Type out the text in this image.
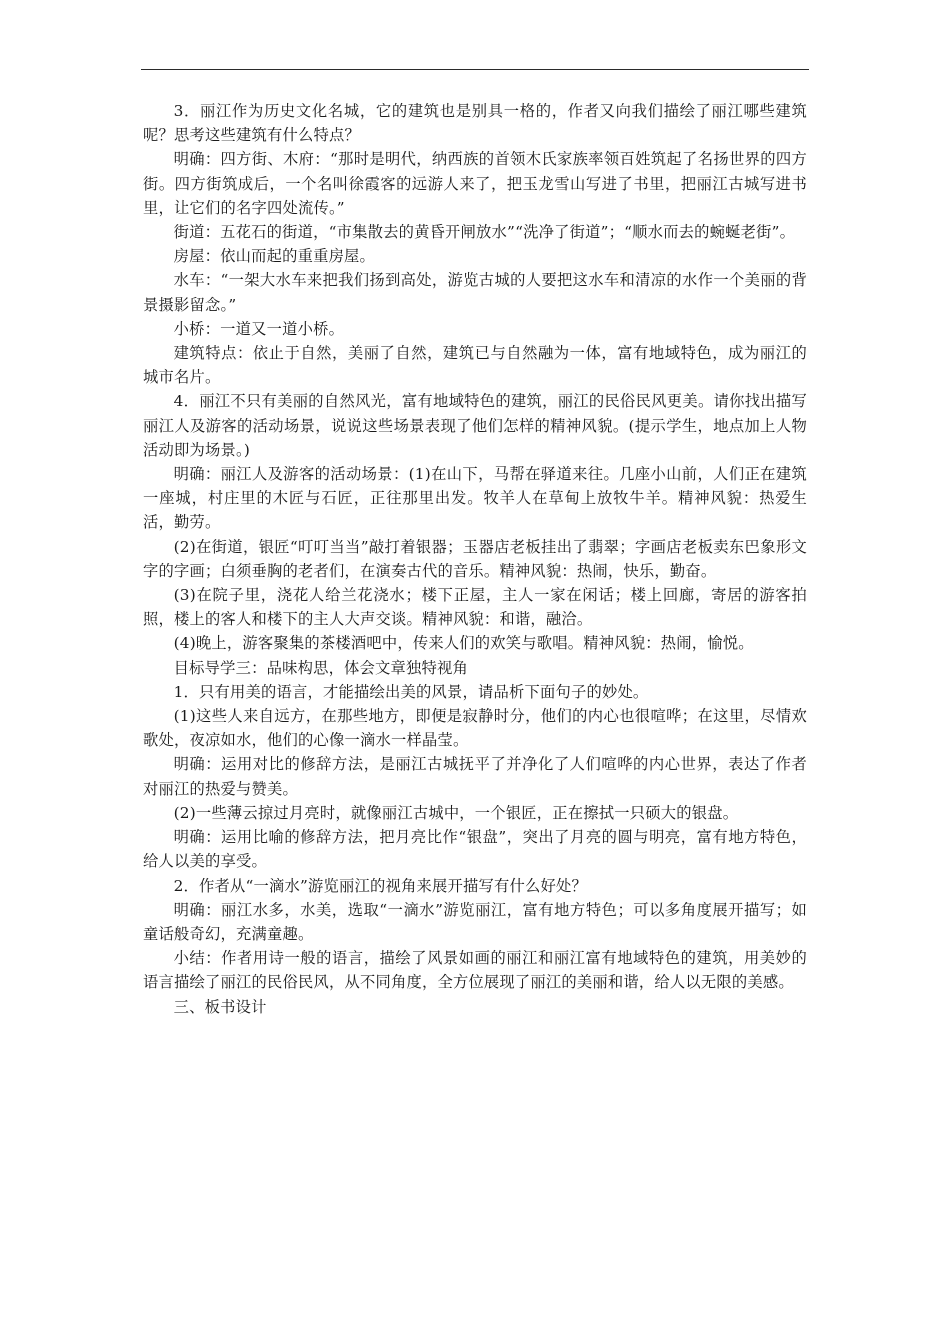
3．丽江作为历史文化名城，它的建筑也是别具一格的，作者又向我们描绘了丽江哪些建筑呢？思考这些建筑有什么特点？

明确：四方街、木府：“那时是明代，纳西族的首领木氏家族率领百姓筑起了名扬世界的四方街。四方街筑成后，一个名叫徐霞客的远游人来了，把玉龙雪山写进了书里，把丽江古城写进书里，让它们的名字四处流传。”

街道：五花石的街道，“市集散去的黄昏开闸放水”“洗净了街道”；“顺水而去的蜿蜒老街”。

房屋：依山而起的重重房屋。

水车：“一架大水车来把我们扬到高处，游览古城的人要把这水车和清凉的水作一个美丽的背景摄影留念。”

小桥：一道又一道小桥。

建筑特点：依止于自然，美丽了自然，建筑已与自然融为一体，富有地域特色，成为丽江的城市名片。

4．丽江不只有美丽的自然风光，富有地域特色的建筑，丽江的民俗民风更美。请你找出描写丽江人及游客的活动场景，说说这些场景表现了他们怎样的精神风貌。(提示学生，地点加上人物活动即为场景。)

明确：丽江人及游客的活动场景：(1)在山下，马帮在驿道来往。几座小山前，人们正在建筑一座城，村庄里的木匠与石匠，正往那里出发。牧羊人在草甸上放牧牛羊。精神风貌：热爱生活，勤劳。

(2)在街道，银匠“叮叮当当”敲打着银器；玉器店老板挂出了翡翠；字画店老板卖东巴象形文字的字画；白须垂胸的老者们，在演奏古代的音乐。精神风貌：热闹，快乐，勤奋。

(3)在院子里，浇花人给兰花浇水；楼下正屋，主人一家在闲话；楼上回廊，寄居的游客拍照，楼上的客人和楼下的主人大声交谈。精神风貌：和谐，融洽。

(4)晚上，游客聚集的茶楼酒吧中，传来人们的欢笑与歌唱。精神风貌：热闹，愉悦。

目标导学三：品味构思，体会文章独特视角

1．只有用美的语言，才能描绘出美的风景，请品析下面句子的妙处。

(1)这些人来自远方，在那些地方，即便是寂静时分，他们的内心也很喧哗；在这里，尽情欢歌处，夜凉如水，他们的心像一滴水一样晶莹。

明确：运用对比的修辞方法，是丽江古城抚平了并净化了人们喧哗的内心世界，表达了作者对丽江的热爱与赞美。

(2)一些薄云掠过月亮时，就像丽江古城中，一个银匠，正在擦拭一只硕大的银盘。

明确：运用比喻的修辞方法，把月亮比作“银盘”，突出了月亮的圆与明亮，富有地方特色，给人以美的享受。

2．作者从“一滴水”游览丽江的视角来展开描写有什么好处？

明确：丽江水多，水美，选取“一滴水”游览丽江，富有地方特色；可以多角度展开描写；如童话般奇幻，充满童趣。

小结：作者用诗一般的语言，描绘了风景如画的丽江和丽江富有地域特色的建筑，用美妙的语言描绘了丽江的民俗民风，从不同角度，全方位展现了丽江的美丽和谐，给人以无限的美感。

三、板书设计
